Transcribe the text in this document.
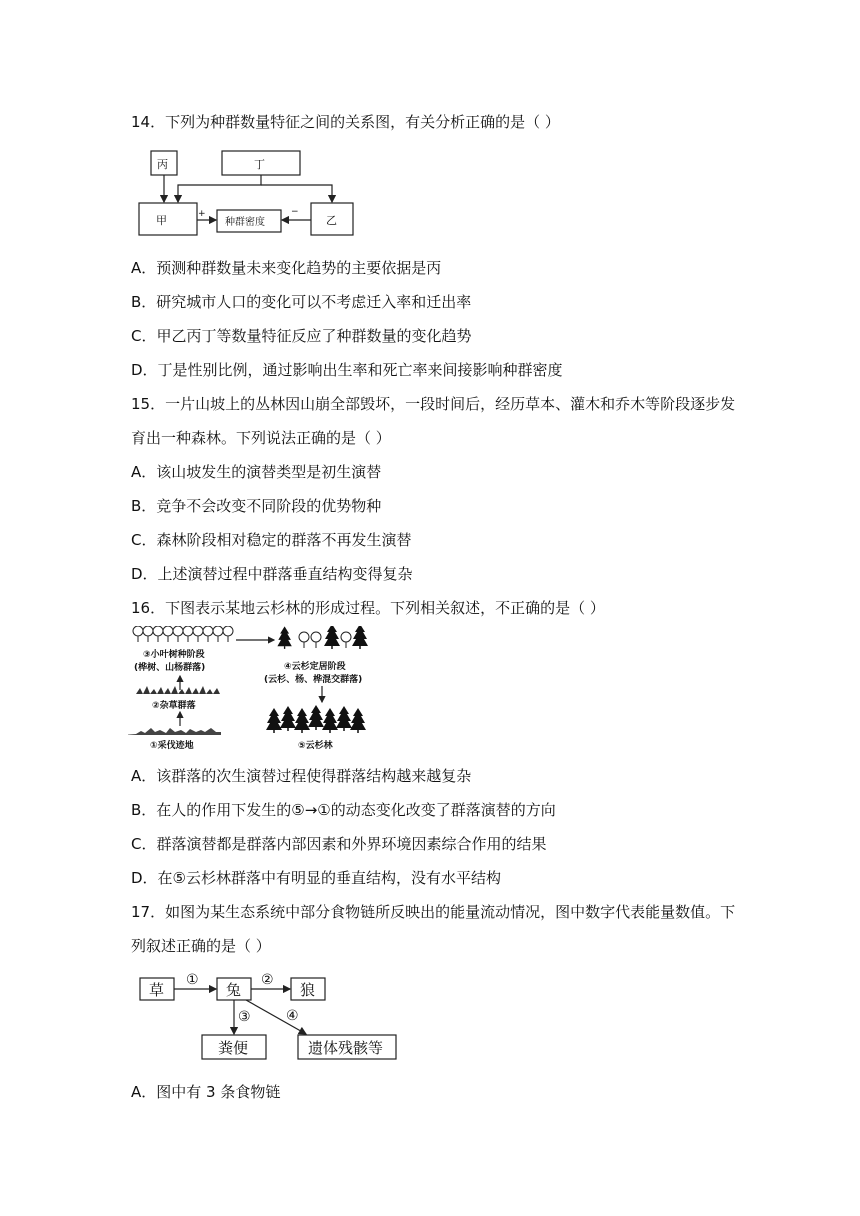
14．下列为种群数量特征之间的关系图，有关分析正确的是（ ）
丙	丁
甲	种群密度	乙
+	−
A．预测种群数量未来变化趋势的主要依据是丙
B．研究城市人口的变化可以不考虑迁入率和迁出率
C．甲乙丙丁等数量特征反应了种群数量的变化趋势
D．丁是性别比例，通过影响出生率和死亡率来间接影响种群密度
15．一片山坡上的丛林因山崩全部毁坏，一段时间后，经历草本、灌木和乔木等阶段逐步发
育出一种森林。下列说法正确的是（ ）
A．该山坡发生的演替类型是初生演替
B．竞争不会改变不同阶段的优势物种
C．森林阶段相对稳定的群落不再发生演替
D．上述演替过程中群落垂直结构变得复杂
16．下图表示某地云杉林的形成过程。下列相关叙述，不正确的是（ ）
③小叶树种阶段
(桦树、山杨群落)
②杂草群落
①采伐迹地
④云杉定居阶段
(云杉、杨、桦混交群落)
⑤云杉林
A．该群落的次生演替过程使得群落结构越来越复杂
B．在人的作用下发生的⑤→①的动态变化改变了群落演替的方向
C．群落演替都是群落内部因素和外界环境因素综合作用的结果
D．在⑤云杉林群落中有明显的垂直结构，没有水平结构
17．如图为某生态系统中部分食物链所反映出的能量流动情况，图中数字代表能量数值。下
列叙述正确的是（ ）
草
①
兔
②
狼
③	④
粪便	遗体残骸等
A．图中有 3 条食物链
